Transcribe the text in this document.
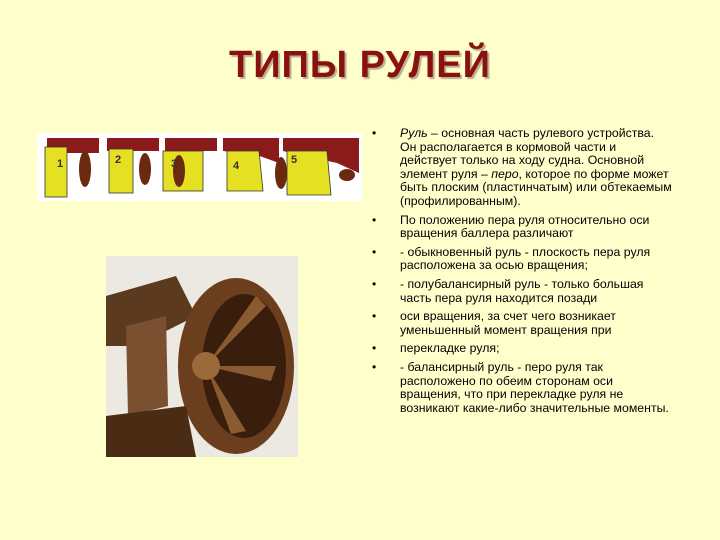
ТИПЫ РУЛЕЙ
1	2	3	4	5
• Руль – основная часть рулевого устройства. Он располагается в кормовой части и действует только на ходу судна. Основной элемент руля – перо, которое по форме может быть плоским (пластинчатым) или обтекаемым (профилированным).
• По положению пера руля относительно оси вращения баллера различают
• - обыкновенный руль - плоскость пера руля расположена за осью вращения;
• - полубалансирный руль - только большая часть пера руля находится позади
• оси вращения, за счет чего возникает уменьшенный момент вращения при
• перекладке руля;
• - балансирный руль - перо руля так расположено по обеим сторонам оси вращения, что при перекладке руля не возникают какие-либо значительные моменты.
